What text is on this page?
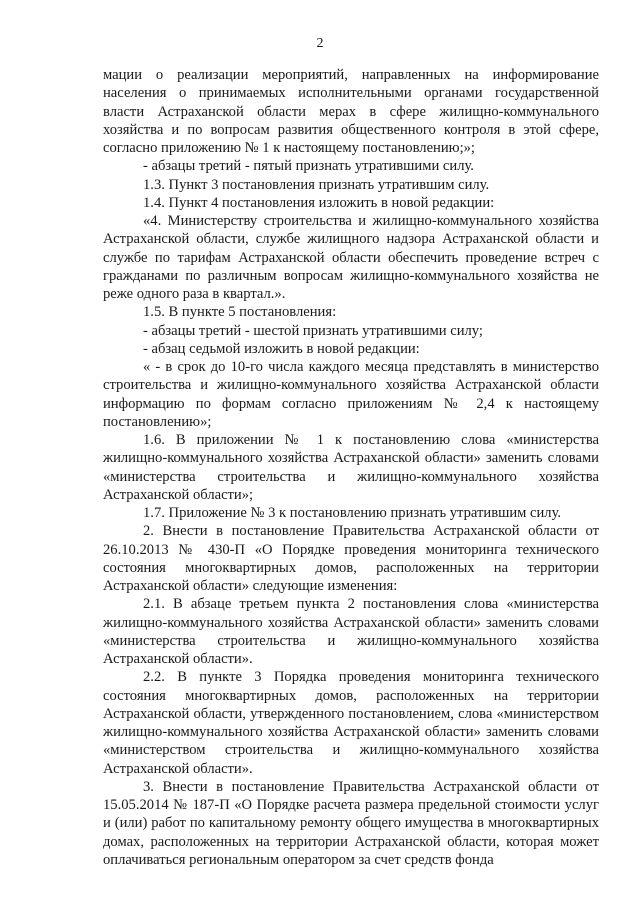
2

мации о реализации мероприятий, направленных на информирование населения о принимаемых исполнительными органами государственной власти Астраханской области мерах в сфере жилищно-коммунального хозяйства и по вопросам развития общественного контроля в этой сфере, согласно приложению № 1 к настоящему постановлению;»;

- абзацы третий - пятый признать утратившими силу.

1.3. Пункт 3 постановления признать утратившим силу.

1.4. Пункт 4 постановления изложить в новой редакции:

«4. Министерству строительства и жилищно-коммунального хозяйства Астраханской области, службе жилищного надзора Астраханской области и службе по тарифам Астраханской области обеспечить проведение встреч с гражданами по различным вопросам жилищно-коммунального хозяйства не реже одного раза в квартал.».

1.5. В пункте 5 постановления:

- абзацы третий - шестой признать утратившими силу;

- абзац седьмой изложить в новой редакции:

« - в срок до 10-го числа каждого месяца представлять в министерство строительства и жилищно-коммунального хозяйства Астраханской области информацию по формам согласно приложениям № 2,4 к настоящему постановлению»;

1.6. В приложении № 1 к постановлению слова «министерства жилищно-коммунального хозяйства Астраханской области» заменить словами «министерства строительства и жилищно-коммунального хозяйства Астраханской области»;

1.7. Приложение № 3 к постановлению признать утратившим силу.

2. Внести в постановление Правительства Астраханской области от 26.10.2013 № 430-П «О Порядке проведения мониторинга технического состояния многоквартирных домов, расположенных на территории Астраханской области» следующие изменения:

2.1. В абзаце третьем пункта 2 постановления слова «министерства жилищно-коммунального хозяйства Астраханской области» заменить словами «министерства строительства и жилищно-коммунального хозяйства Астраханской области».

2.2. В пункте 3 Порядка проведения мониторинга технического состояния многоквартирных домов, расположенных на территории Астраханской области, утвержденного постановлением, слова «министерством жилищно-коммунального хозяйства Астраханской области» заменить словами «министерством строительства и жилищно-коммунального хозяйства Астраханской области».

3. Внести в постановление Правительства Астраханской области от 15.05.2014 № 187-П «О Порядке расчета размера предельной стоимости услуг и (или) работ по капитальному ремонту общего имущества в многоквартирных домах, расположенных на территории Астраханской области, которая может оплачиваться региональным оператором за счет средств фонда
